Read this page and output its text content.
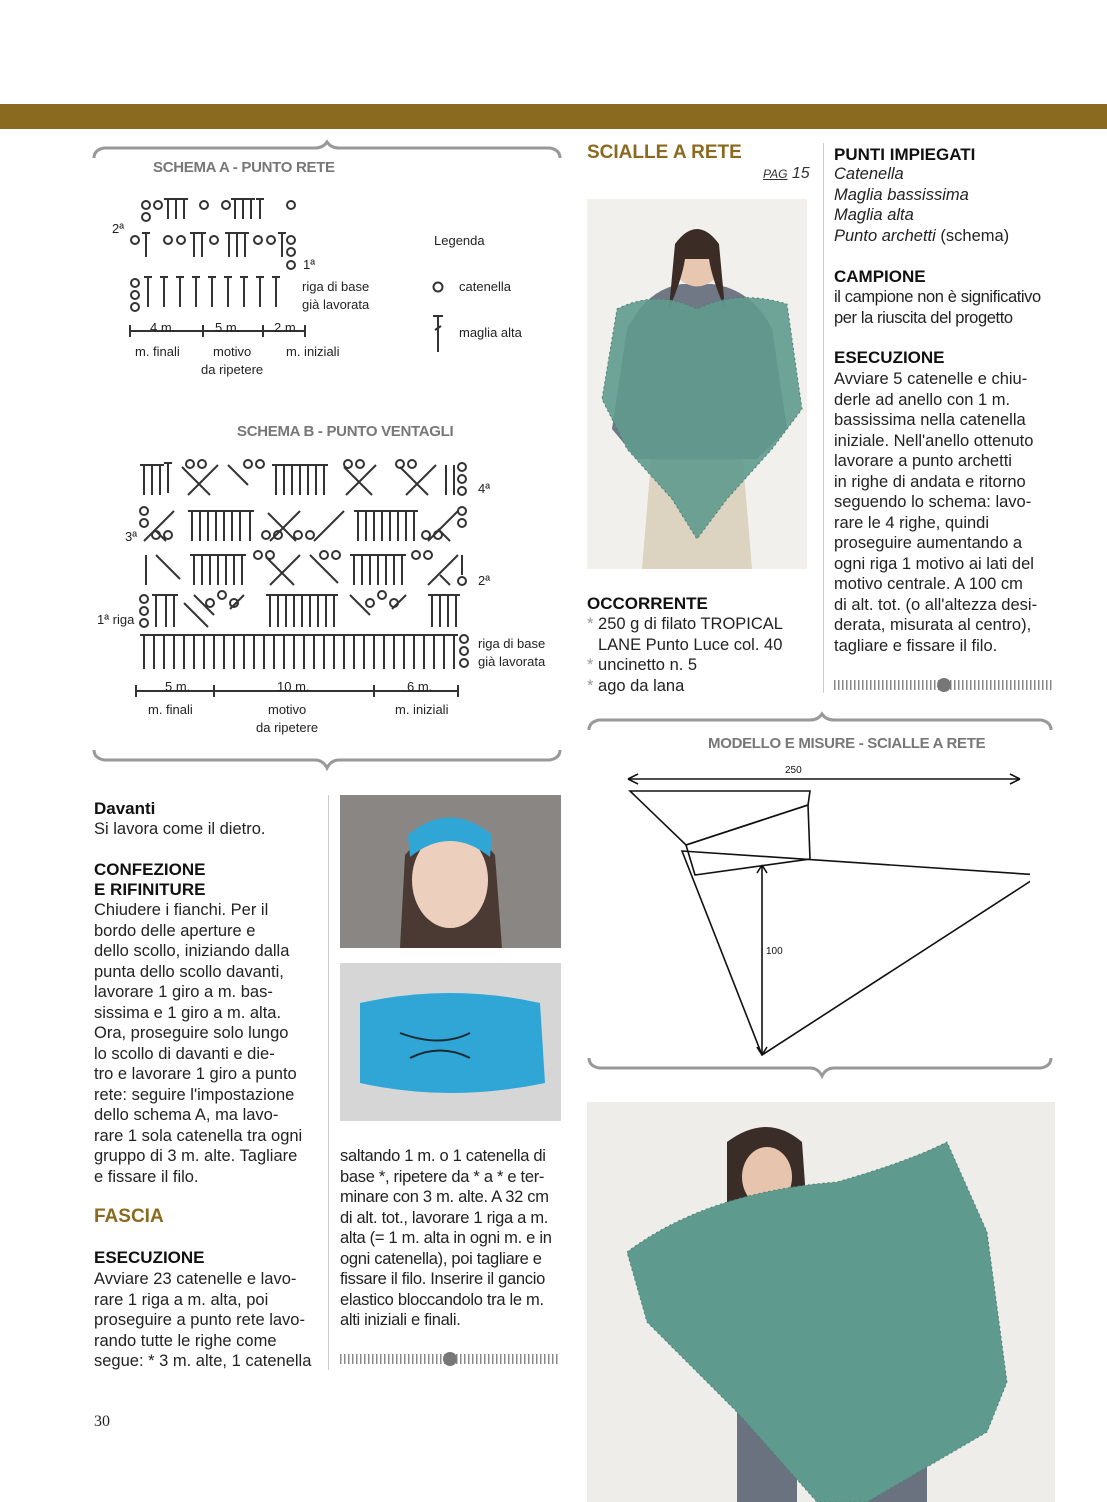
SCHEMA A - PUNTO RETE
2ª
1ª
riga di base
già lavorata
4 m.	5 m.	2 m.
m. finali	motivo
da ripetere
m. iniziali
Legenda
catenella
maglia alta
SCHEMA B - PUNTO VENTAGLI
4ª
3ª
2ª
1ª riga
riga di base
già lavorata
5 m.	10 m.	6 m.
m. finali	motivo
da ripetere
m. iniziali
SCIALLE A RETE
PAG 15
OCCORRENTE

* 250 g di filato TROPICAL

LANE Punto Luce col. 40

* uncinetto n. 5

* ago da lana

PUNTI IMPIEGATI

Catenella

Maglia bassissima

Maglia alta

Punto archetti (schema)

CAMPIONE

il campione non è significativo

per la riuscita del progetto

ESECUZIONE

Avviare 5 catenelle e chiu-

derle ad anello con 1 m.

bassissima nella catenella

iniziale. Nell'anello ottenuto

lavorare a punto archetti

in righe di andata e ritorno

seguendo lo schema: lavo-

rare le 4 righe, quindi

proseguire aumentando a

ogni riga 1 motivo ai lati del

motivo centrale. A 100 cm

di alt. tot. (o all'altezza desi-

derata, misurata al centro),

tagliare e fissare il filo.

MODELLO E MISURE - SCIALLE A RETE
250
100
Davanti
Si lavora come il dietro.
CONFEZIONE
E RIFINITURE

Chiudere i fianchi. Per il

bordo delle aperture e

dello scollo, iniziando dalla

punta dello scollo davanti,

lavorare 1 giro a m. bas-

sissima e 1 giro a m. alta.

Ora, proseguire solo lungo

lo scollo di davanti e die-

tro e lavorare 1 giro a punto

rete: seguire l'impostazione

dello schema A, ma lavo-

rare 1 sola catenella tra ogni

gruppo di 3 m. alte. Tagliare

e fissare il filo.

FASCIA
ESECUZIONE

Avviare 23 catenelle e lavo-

rare 1 riga a m. alta, poi

proseguire a punto rete lavo-

rando tutte le righe come

segue: * 3 m. alte, 1 catenella

saltando 1 m. o 1 catenella di

base *, ripetere da * a * e ter-

minare con 3 m. alte. A 32 cm

di alt. tot., lavorare 1 riga a m.

alta (= 1 m. alta in ogni m. e in

ogni catenella), poi tagliare e

fissare il filo. Inserire il gancio

elastico bloccandolo tra le m.

alti iniziali e finali.

30
